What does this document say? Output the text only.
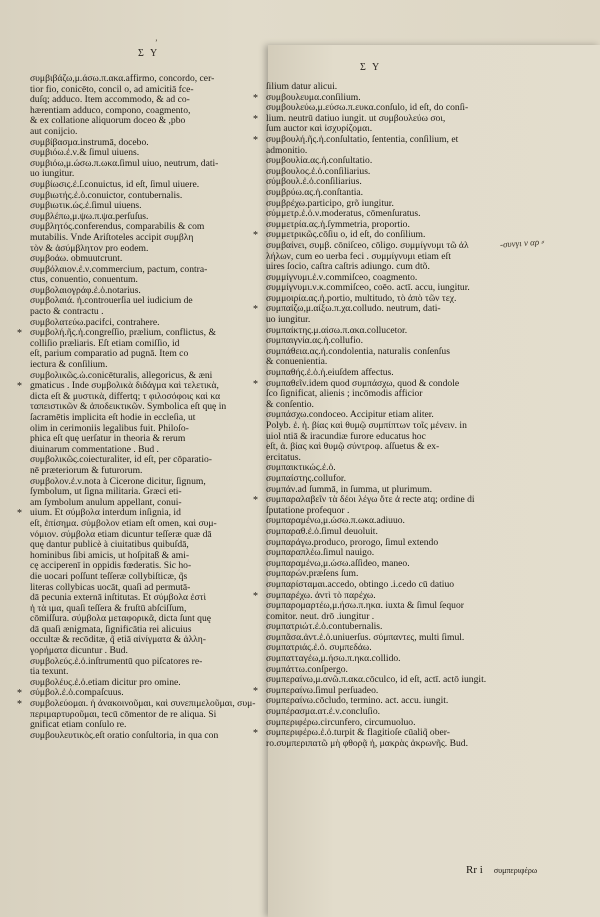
ʼ
Σ Υ
συμβιβάζω,μ.άσω.π.ακα.affirmo, concordo, cer-
tior fio, conicēto, concil o, ad amicitiā fce-
duſq; adduco. Item accommodo, & ad co-
hærentiam adduco, compono, coagmento,
& ex collatione aliquorum doceo & ,pbo
aut conijcio.
συμβίβασμα.instrumā, docebo.
συμβιόω.ἐ.ν.& ſimul uiuens.
συμβιόω,μ.ώσω.π.ωκα.ſimul uiuo, neutrum, dati-
uo iungitur.
συμβίωσις.ἐ.ſ.conuictus, id eſt, ſimul uiuere.
συμβιωτής.ἐ.ὁ.conuictor, contubernalis.
συμβιωτικ.ώς.ἐ.ſimul uiuens.
συμβλέπω,μ.ψω.π.ψα.perſuſus.
συμβλητός.conferendus, comparabilis & com
mutabilis. Vnde Ariſtoteles accipit συμβλη
τὸν & ἀσύμβλητον pro eodem.
συμβοάω. obmuutcrunt.
συμβόλαιον.ἐ.ν.commercium, pactum, contra-
ctus, conuentio, conuentum.
συμβολαιογράφ.ἐ.ὁ.notarius.
συμβολαιά. ἡ.controuerſia uel iudicium de
pacto & contractu .
συμβολατεύω.pacifci, contrahere.
* συμβολή.ῆς.ἡ.congreſſio, prælium, conflictus, &
colliſio præliaris. Eſt etiam comiſſio, id
eſt, parium comparatio ad pugnā. Item co
iectura & conſilium.
συμβολικῶς.ὡ.conicēturalis, allegoricus, & æni
* gmaticus . Inde συμβολικὰ διδάγμα καὶ τελετικὰ,
dicta eſt & μυστικὰ, differtq; τ φιλοσόφοις καὶ κα
ταπειστικῶν & ἀποδεικτικῶν. Symbolica eſt quę in
ſacramētis implicita eſt hodie in eccleſia, ut
olim in cerimoniis legalibus fuit. Philoſo-
phica eſt quę uerſatur in theoria & rerum
diuinarum commentatione . Bud .
συμβολικῶς.coiecturaliter, id eſt, per cōparatio-
nē præteriorum & futurorum.
συμβολον.ἐ.ν.nota à Cicerone dicitur, ſignum,
ſymbolum, ut ſigna militaria. Græci eti-
am ſymbolum anulum appellant, conui-
* uium. Et σύμβολα interdum inſignia, id
eſt, ἐπίσημα. σύμβολον etiam eſt omen, καὶ συμ-
νόμιον. σύμβολα etiam dicuntur teſſeræ quæ dā
quę dantur publicè à ciuitatibus quibuſdā,
hominibus ſibi amicis, ut hoſpitaß & ami-
cę acciperenī in oppidis fœderatis. Sic ho-
die uocari poſſunt teſſeræ collybiſticæ, q̃s
literas collybicas uocāt, quaſi ad permutā-
dā pecunia externā inſtitutas. Et σύμβολα ἐστὶ
ἡ τὰ ιμα, quaſi teſſera & fruſtū abſciſſum,
cōmiſſura. σύμβολα μεταφορικᾶ, dicta ſunt quę
dā quaſi ænigmata, ſignificātia rei alicuius
occultæ & recōditæ, q̃ etiā αἰνίγματα & ἀλλη-
γορήματα dicuntur . Bud.
συμβολεύς.ἐ.ὁ.inſtrumentū quo piſcatores re-
tia texunt.
συμβολέυς.ἐ.ὁ.etiam dicitur pro omine.
* σύμβολ.ἐ.ὁ.compaſcuus.
* συμβολεύομαι. ἡ ἀνακοινοῦμαι, καὶ συνεπιμελοῦμαι, συμ-
περιμαρτυροῦμαι, tecū cōmentor de re aliqua. Si
gnificat etiam conſulo re.
συμβουλευτικὸς.eſt oratio conſultoria, in qua con
Σ Υ
ſilium datur alicui.
* συμβουλευμα.conſilium.
συμβουλεύω,μ.εύσω.π.ευκα.conſulo, id eſt, do conſi-
* lium. neutrū datiuo iungit. ut συμβουλεύω σοι,
ſum auctor καὶ ἰσχυρίζομαι.
* συμβουλή.ῆς.ἡ.conſultatio, ſententia, conſilium, et
admonitio.
συμβουλία.ας.ἡ.conſultatio.
συμβουλος.ἐ.ὁ.conſiliarius.
σύμβουλ.ἐ.ὁ.conſiliarius.
συμβρύω.ας.ἡ.conſtantia.
συμβρέχω.participo, grõ iungitur.
σύμμετρ.ἐ.ὁ.ν.moderatus, cōmenſuratus.
συμμετρία.ας.ἡ.ſymmetria, proportio.
* συμμετρικῶς.cōſiu o, id eſt, do conſilium.
συμβαίνει, συμβ. cōniſceo, cōligo. συμμίγνυμι τῶ ἀλ
λήλων, cum eo uerba feci . συμμίγνυμι etiam eſt
uires ſocio, caſtra caſtris adiungo. cum dtõ.
συμμίγνυμι.ἐ.ν.commiſceo, coagmento.
συμμίγνυμι.ν.κ.commiſceo, coēo. actī. accu, iungitur.
συμμοιρία.ας.ἡ.portio, multitudo, τὸ ἀπὸ τῶν τεχ.
* συμπαίζω,μ.αίξω.π.χα.colludo. neutrum, dati-
uo iungitur.
συμπαίκτης.μ.αίσω.π.ακα.collucetor.
συμπαιγνία.ας.ἡ.collufio.
συμπάθεια.ας.ἡ.condolentia, naturalis conſenſus
& conuenientia.
συμπαθής.ἐ.ὁ.ἡ.eiuſdem affectus.
* συμπαθεῖν.idem quod συμπάσχω, quod & condole
ſco ſignificat, alienis ; incōmodis afficior
& conſentio.
συμπάσχω.condoceo. Accipitur etiam aliter.
Polyb. ἐ. ἡ. βίας καὶ θυμῷ συμπίπτων τοῖς μένειν. in
uiol ntiā & iracundiæ furore educatus hoc
eſt, ἀ. βίας καὶ θυμῷ σύντροφ. aſſuetus & ex-
ercitatus.
συμπαικτικώς.ἐ.ὁ.
συμπαίστης.collufor.
συμπάν.ad ſummā, in ſumma, ut plurimum.
* συμπαραλαβεῖν τὰ δέοι λέγω ὅτε ἀ recte atq; ordine di
ſputatione profequor .
συμπαραμένω,μ.ώσω.π.ωκα.adiuuo.
συμπαραθ.ἐ.ὁ.ſimul deuoluit.
συμπαράγω.produco, prorogo, ſimul extendo
συμπαραπλέω.ſimul nauigo.
συμπαραμένω,μ.ώσω.aſſideo, maneo.
συμπαρών.præſens ſum.
συμπαρίσταμαι.accedo, obtingo .i.cedo cū datiuo
* συμπαρέχω. ἀντὶ τὸ παρέχω.
συμπαρομαρτέω,μ.ήσω.π.ηκα. iuxta & ſimul ſequor
comitor. neut. drō .iungitur .
συμπατριώτ.ἐ.ὁ.contubernalis.
συμπᾶσα.ἀντ.ἐ.ὁ.uniuerſus. σύμπαντες, multi ſimul.
συμπατριάς.ἐ.ὁ. συμπεδάω.
συμπατταγέω,μ.ήσω.π.ηκα.collido.
συμπάττω.conſpergo.
συμπεραίνω,μ.ανῶ.π.ακα.cōculco, id eſt, actī. actō iungit.
* συμπεραίνω.ſimul perſuadeo.
συμπεραίνω.cōcludo, termino. act. accu. iungit.
συμπέρασμα.ατ.ἐ.ν.concluſio.
συμπεριφέρω.circunfero, circumuoluo.
* συμπεριφέρω.ἐ.ὁ.turpit & flagitioſe cūaliq̃ ober-
ro.συμπεριπατῶ μὴ φθορᾷ ἡ, μακρὰς ἀκρωνῆς. Bud.
-συνγι ν αρ ⸗
Rr i συμπεριφέρω
